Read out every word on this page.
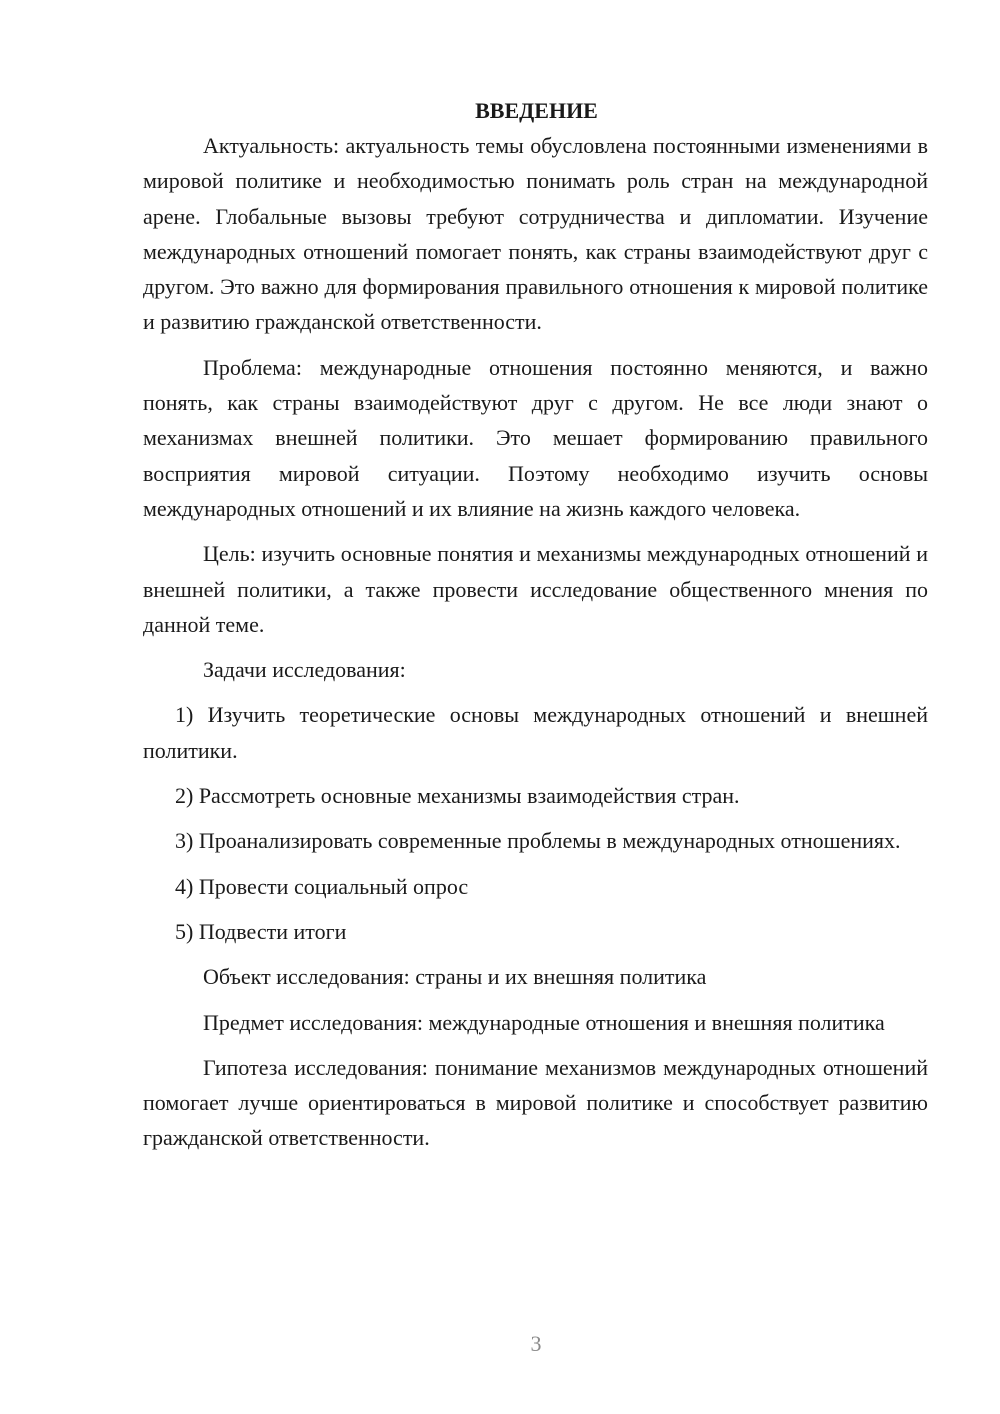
ВВЕДЕНИЕ

Актуальность: актуальность темы обусловлена постоянными изменениями в мировой политике и необходимостью понимать роль стран на международной арене. Глобальные вызовы требуют сотрудничества и дипломатии. Изучение международных отношений помогает понять, как страны взаимодействуют друг с другом. Это важно для формирования правильного отношения к мировой политике и развитию гражданской ответственности.

Проблема: международные отношения постоянно меняются, и важно понять, как страны взаимодействуют друг с другом. Не все люди знают о механизмах внешней политики. Это мешает формированию правильного восприятия мировой ситуации. Поэтому необходимо изучить основы международных отношений и их влияние на жизнь каждого человека.

Цель: изучить основные понятия и механизмы международных отношений и внешней политики, а также провести исследование общественного мнения по данной теме.

Задачи исследования:

1) Изучить теоретические основы международных отношений и внешней политики.

2) Рассмотреть основные механизмы взаимодействия стран.

3) Проанализировать современные проблемы в международных отношениях.

4) Провести социальный опрос

5) Подвести итоги

Объект исследования: страны и их внешняя политика

Предмет исследования: международные отношения и внешняя политика

Гипотеза исследования: понимание механизмов международных отношений помогает лучше ориентироваться в мировой политике и способствует развитию гражданской ответственности.

3
